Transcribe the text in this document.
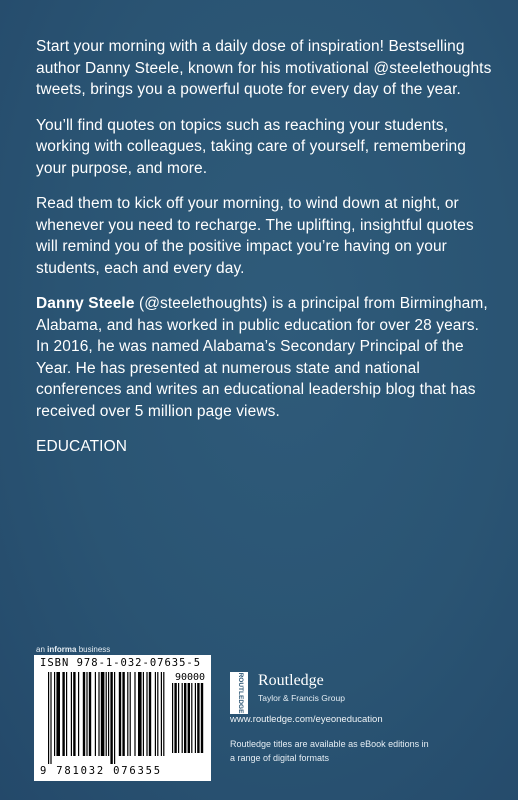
Start your morning with a daily dose of inspiration! Bestselling author Danny Steele, known for his motivational @steelethoughts tweets, brings you a powerful quote for every day of the year.

You’ll find quotes on topics such as reaching your students, working with colleagues, taking care of yourself, remembering your purpose, and more.

Read them to kick off your morning, to wind down at night, or whenever you need to recharge. The uplifting, insightful quotes will remind you of the positive impact you’re having on your students, each and every day.

Danny Steele (@steelethoughts) is a principal from Birmingham, Alabama, and has worked in public education for over 28 years. In 2016, he was named Alabama’s Secondary Principal of the Year. He has presented at numerous state and national conferences and writes an educational leadership blog that has received over 5 million page views.

EDUCATION

an informa business
ISBN 978-1-032-07635-5
90000
9 781032 076355
ROUTLEDGE Routledge
Taylor & Francis Group
www.routledge.com/eyeoneducation
Routledge titles are available as eBook editions in a range of digital formats
